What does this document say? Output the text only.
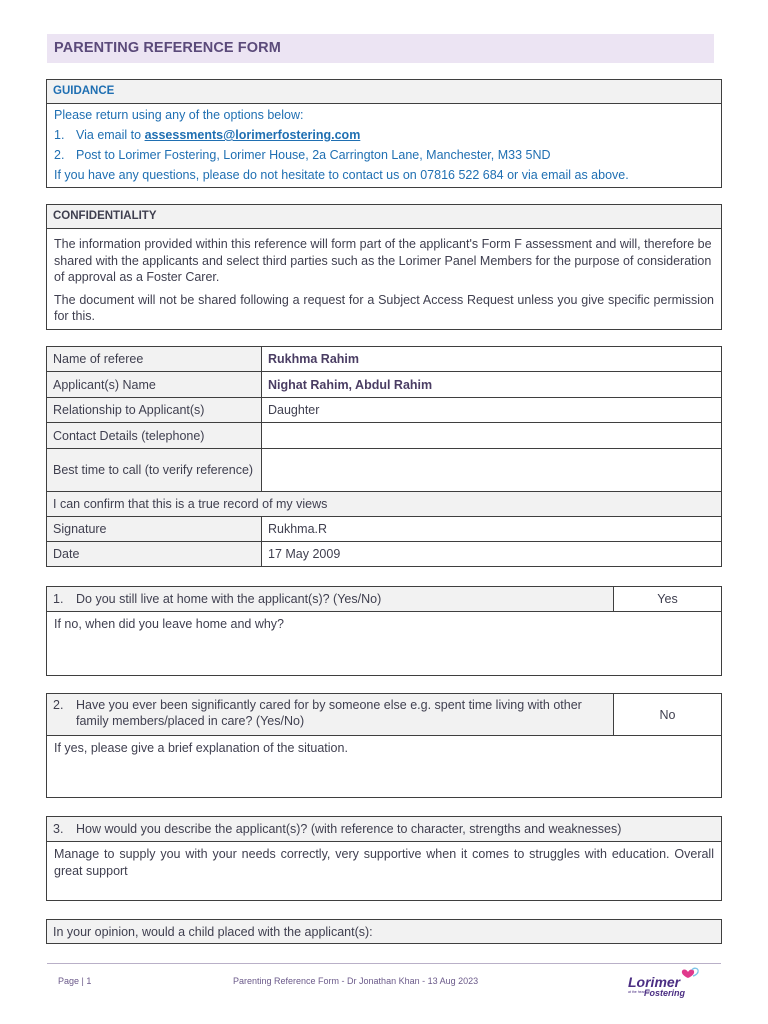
PARENTING REFERENCE FORM
GUIDANCE
Please return using any of the options below:
1. Via email to assessments@lorimerfostering.com
2. Post to Lorimer Fostering, Lorimer House, 2a Carrington Lane, Manchester, M33 5ND
If you have any questions, please do not hesitate to contact us on 07816 522 684 or via email as above.
CONFIDENTIALITY
The information provided within this reference will form part of the applicant's Form F assessment and will, therefore be shared with the applicants and select third parties such as the Lorimer Panel Members for the purpose of consideration of approval as a Foster Carer.
The document will not be shared following a request for a Subject Access Request unless you give specific permission for this.
Name of referee	Rukhma Rahim
Applicant(s) Name	Nighat Rahim, Abdul Rahim
Relationship to Applicant(s)	Daughter
Contact Details (telephone)	
Best time to call (to verify reference)	
I can confirm that this is a true record of my views	
Signature	Rukhma.R
Date	17 May 2009
1.	Do you still live at home with the applicant(s)? (Yes/No)	Yes
If no, when did you leave home and why?
2.	Have you ever been significantly cared for by someone else e.g. spent time living with other family members/placed in care? (Yes/No)	No
If yes, please give a brief explanation of the situation.
3.	How would you describe the applicant(s)? (with reference to character, strengths and weaknesses)
Manage to supply you with your needs correctly, very supportive when it comes to struggles with education. Overall great support
In your opinion, would a child placed with the applicant(s):
Page | 1	Parenting Reference Form - Dr Jonathan Khan - 13 Aug 2023	Lorimer
at the heart of
Fostering
